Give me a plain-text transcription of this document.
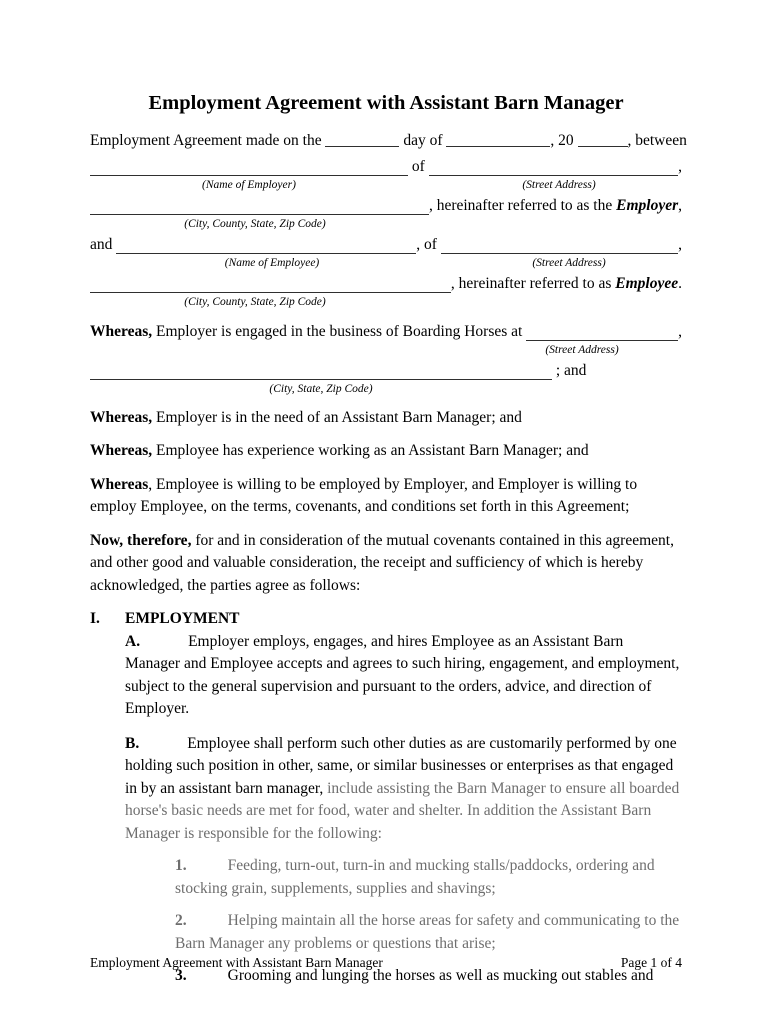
Employment Agreement with Assistant Barn Manager

Employment Agreement made on the	day of	, 20	, between

of	,
(Name of Employer)	(Street Address)
, hereinafter referred to as the Employer ,
(City, County, State, Zip Code)
and	, of	,
(Name of Employee)	(Street Address)
, hereinafter referred to as Employee .
(City, County, State, Zip Code)
Whereas, Employer is engaged in the business of Boarding Horses at	,
(Street Address)
; and
(City, State, Zip Code)

Whereas, Employer is in the need of an Assistant Barn Manager; and

Whereas, Employee has experience working as an Assistant Barn Manager; and

Whereas, Employee is willing to be employed by Employer, and Employer is willing to employ Employee, on the terms, covenants, and conditions set forth in this Agreement;

Now, therefore, for and in consideration of the mutual covenants contained in this agreement, and other good and valuable consideration, the receipt and sufficiency of which is hereby acknowledged, the parties agree as follows:

I.	EMPLOYMENT

A.	Employer employs, engages, and hires Employee as an Assistant Barn Manager and Employee accepts and agrees to such hiring, engagement, and employment, subject to the general supervision and pursuant to the orders, advice, and direction of Employer.

B.	Employee shall perform such other duties as are customarily performed by one holding such position in other, same, or similar businesses or enterprises as that engaged in by an assistant barn manager, include assisting the Barn Manager to ensure all boarded horse's basic needs are met for food, water and shelter. In addition the Assistant Barn Manager is responsible for the following:

1.	Feeding, turn-out, turn-in and mucking stalls/paddocks, ordering and stocking grain, supplements, supplies and shavings;

2.	Helping maintain all the horse areas for safety and communicating to the Barn Manager any problems or questions that arise;

3.	Grooming and lunging the horses as well as mucking out stables and

Employment Agreement with Assistant Barn Manager	Page 1 of 4
